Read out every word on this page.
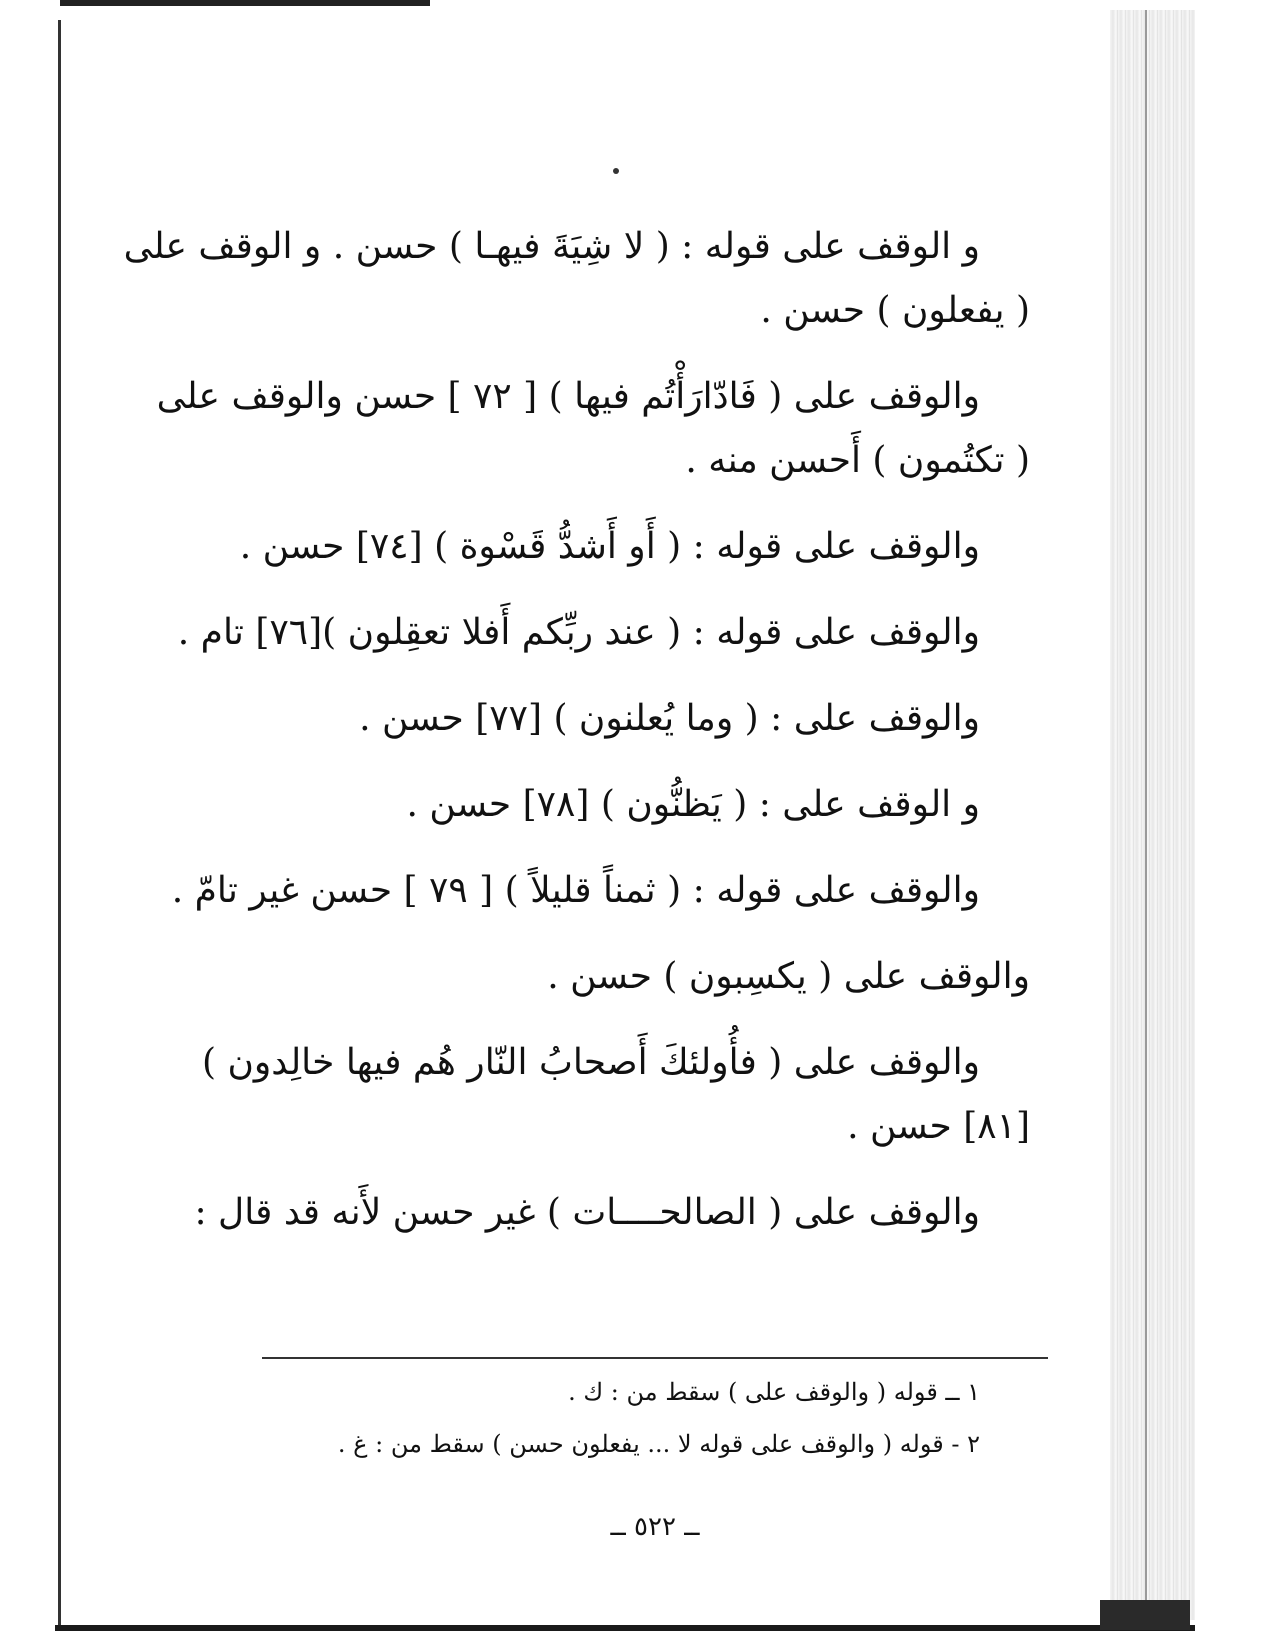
و الوقف على قوله : ( لا شِيَةَ فيهـا ) حسن . و الوقف على

( يفعلون ) حسن .

والوقف على ( فَادّارَأْتُم فيها ) [ ٧٢ ] حسن والوقف على

( تكتُمون ) أَحسن منه .

والوقف على قوله : ( أَو أَشدُّ قَسْوة ) [٧٤] حسن .

والوقف على قوله : ( عند ربِّكم أَفلا تعقِلون )[٧٦] تام .

والوقف على : ( وما يُعلنون ) [٧٧] حسن .

و الوقف على : ( يَظنُّون ) [٧٨] حسن .

والوقف على قوله : ( ثمناً قليلاً ) [ ٧٩ ] حسن غير تامّ .

والوقف على ( يكسِبون ) حسن .

والوقف على ( فأُولئكَ أَصحابُ النّار هُم فيها خالِدون )

[٨١] حسن .

والوقف على ( الصالحــــات ) غير حسن لأَنه قد قال :

١ ــ قوله ( والوقف على ) سقط من : ك .

٢ - قوله ( والوقف على قوله لا ... يفعلون حسن ) سقط من : غ .

ــ ٥٢٢ ــ
